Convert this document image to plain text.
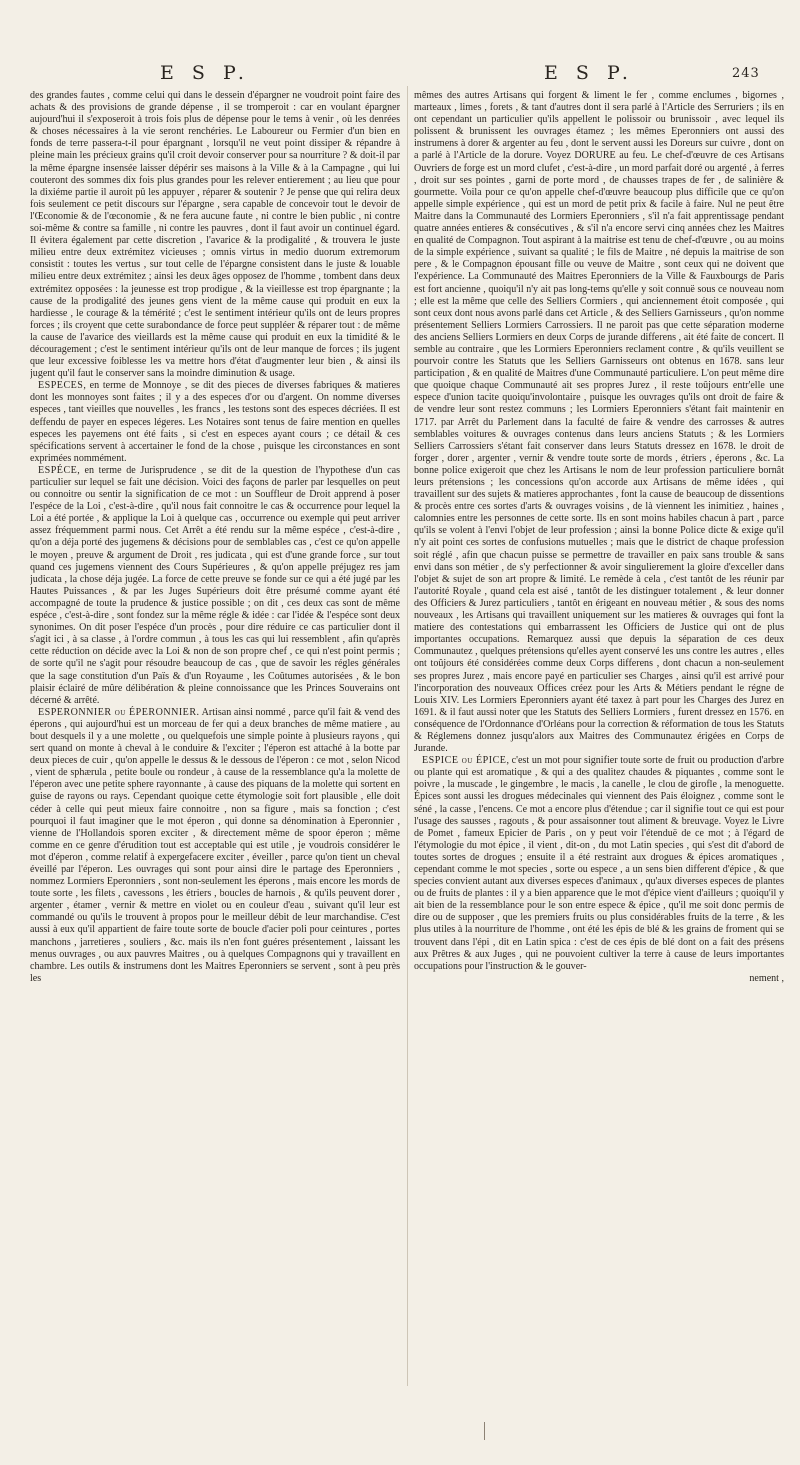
E S P.	E S P.	243

des grandes fautes , comme celui qui dans le dessein d'épargner ne voudroit point faire des achats & des provisions de grande dépense , il se tromperoit : car en voulant épargner aujourd'hui il s'exposeroit à trois fois plus de dépense pour le tems à venir , où les denrées & choses nécessaires à la vie seront renchéries. Le Laboureur ou Fermier d'un bien en fonds de terre passera-t-il pour épargnant , lorsqu'il ne veut point dissiper & répandre à pleine main les précieux grains qu'il croit devoir conserver pour sa nourriture ? & doit-il par la même épargne insensée laisser dépérir ses maisons à la Ville & à la Campagne , qui lui couteront des sommes dix fois plus grandes pour les relever entierement ; au lieu que pour la dixiéme partie il auroit pû les appuyer , réparer & soutenir ? Je pense que qui relira deux fois seulement ce petit discours sur l'épargne , sera capable de concevoir tout le devoir de l'Œconomie & de l'œconomie , & ne fera aucune faute , ni contre le bien public , ni contre soi-même & contre sa famille , ni contre les pauvres , dont il faut avoir un continuel égard. Il évitera également par cette discretion , l'avarice & la prodigalité , & trouvera le juste milieu entre deux extrémitez vicieuses ; omnis virtus in medio duorum extremorum consistit : toutes les vertus , sur tout celle de l'épargne consistent dans le juste & louable milieu entre deux extrémitez ; ainsi les deux âges opposez de l'homme , tombent dans deux extrémitez opposées : la jeunesse est trop prodigue , & la vieillesse est trop épargnante ; la cause de la prodigalité des jeunes gens vient de la même cause qui produit en eux la hardiesse , le courage & la témérité ; c'est le sentiment intérieur qu'ils ont de leurs propres forces ; ils croyent que cette surabondance de force peut suppléer & réparer tout : de même la cause de l'avarice des vieillards est la même cause qui produit en eux la timidité & le découragement ; c'est le sentiment intérieur qu'ils ont de leur manque de forces ; ils jugent que leur excessive foiblesse les va mettre hors d'état d'augmenter leur bien , & ainsi ils jugent qu'il faut le conserver sans la moindre diminution & usage.

ESPECES, en terme de Monnoye , se dit des pieces de diverses fabriques & matieres dont les monnoyes sont faites ; il y a des especes d'or ou d'argent. On nomme diverses especes , tant vieilles que nouvelles , les francs , les testons sont des especes décriées. Il est deffendu de payer en especes légeres. Les Notaires sont tenus de faire mention en quelles especes les payemens ont été faits , si c'est en especes ayant cours ; ce détail & ces spécifications servent à accertainer le fond de la chose , puisque les circonstances en sont exprimées nommément.

ESPÉCE, en terme de Jurisprudence , se dit de la question de l'hypothese d'un cas particulier sur lequel se fait une décision. Voici des façons de parler par lesquelles on peut ou connoitre ou sentir la signification de ce mot : un Souffleur de Droit apprend à poser l'espéce de la Loi , c'est-à-dire , qu'il nous fait connoitre le cas & occurrence pour lequel la Loi a été portée , & applique la Loi à quelque cas , occurrence ou exemple qui peut arriver assez fréquemment parmi nous. Cet Arrêt a été rendu sur la même espéce , c'est-à-dire , qu'on a déja porté des jugemens & décisions pour de semblables cas , c'est ce qu'on appelle le moyen , preuve & argument de Droit , res judicata , qui est d'une grande force , sur tout quand ces jugemens viennent des Cours Supérieures , & qu'on appelle préjugez res jam judicata , la chose déja jugée. La force de cette preuve se fonde sur ce qui a été jugé par les Hautes Puissances , & par les Juges Supérieurs doit être présumé comme ayant été accompagné de toute la prudence & justice possible ; on dit , ces deux cas sont de même espéce , c'est-à-dire , sont fondez sur la même régle & idée : car l'idée & l'espéce sont deux synonimes. On dit poser l'espéce d'un procès , pour dire réduire ce cas particulier dont il s'agit ici , à sa classe , à l'ordre commun , à tous les cas qui lui ressemblent , afin qu'après cette réduction on décide avec la Loi & non de son propre chef , ce qui n'est point permis ; de sorte qu'il ne s'agit pour résoudre beaucoup de cas , que de savoir les régles générales que la sage constitution d'un Païs & d'un Royaume , les Coûtumes autorisées , & le bon plaisir éclairé de mûre délibération & pleine connoissance que les Princes Souverains ont décerné & arrêté.

ESPERONNIER ou ÉPERONNIER. Artisan ainsi nommé , parce qu'il fait & vend des éperons , qui aujourd'hui est un morceau de fer qui a deux branches de même matiere , au bout desquels il y a une molette , ou quelquefois une simple pointe à plusieurs rayons , qui sert quand on monte à cheval à le conduire & l'exciter ; l'éperon est attaché à la botte par deux pieces de cuir , qu'on appelle le dessus & le dessous de l'éperon : ce mot , selon Nicod , vient de sphærula , petite boule ou rondeur , à cause de la ressemblance qu'a la molette de l'éperon avec une petite sphere rayonnante , à cause des piquans de la molette qui sortent en guise de rayons ou rays. Cependant quoique cette étymologie soit fort plausible , elle doit céder à celle qui peut mieux faire connoitre , non sa figure , mais sa fonction ; c'est pourquoi il faut imaginer que le mot éperon , qui donne sa dénomination à Eperonnier , vienne de l'Hollandois sporen exciter , & directement même de spoor éperon ; même comme en ce genre d'érudition tout est acceptable qui est utile , je voudrois considérer le mot d'éperon , comme relatif à expergefacere exciter , éveiller , parce qu'on tient un cheval éveillé par l'éperon. Les ouvrages qui sont pour ainsi dire le partage des Eperonniers , nommez Lormiers Eperonniers , sont non-seulement les éperons , mais encore les mords de toute sorte , les filets , cavessons , les étriers , boucles de harnois , & qu'ils peuvent dorer , argenter , étamer , vernir & mettre en violet ou en couleur d'eau , suivant qu'il leur est commandé ou qu'ils le trouvent à propos pour le meilleur débit de leur marchandise. C'est aussi à eux qu'il appartient de faire toute sorte de boucle d'acier poli pour ceintures , portes manchons , jarretieres , souliers , &c. mais ils n'en font guéres présentement , laissant les menus ouvrages , ou aux pauvres Maitres , ou à quelques Compagnons qui y travaillent en chambre. Les outils & instrumens dont les Maitres Eperonniers se servent , sont à peu près les

mêmes des autres Artisans qui forgent & liment le fer , comme enclumes , bigornes , marteaux , limes , forets , & tant d'autres dont il sera parlé à l'Article des Serruriers ; ils en ont cependant un particulier qu'ils appellent le polissoir ou brunissoir , avec lequel ils polissent & brunissent les ouvrages étamez ; les mêmes Eperonniers ont aussi des instrumens à dorer & argenter au feu , dont le servent aussi les Doreurs sur cuivre , dont on a parlé à l'Article de la dorure. Voyez DORURE au feu. Le chef-d'œuvre de ces Artisans Ouvriers de forge est un mord clufet , c'est-à-dire , un mord parfait doré ou argenté , à ferres , droit sur ses pointes , garni de porte mord , de chausses trapes de fer , de salinière & gourmette. Voila pour ce qu'on appelle chef-d'œuvre beaucoup plus difficile que ce qu'on appelle simple expérience , qui est un mord de petit prix & facile à faire. Nul ne peut être Maitre dans la Communauté des Lormiers Eperonniers , s'il n'a fait apprentissage pendant quatre années entieres & consécutives , & s'il n'a encore servi cinq années chez les Maitres en qualité de Compagnon. Tout aspirant à la maitrise est tenu de chef-d'œuvre , ou au moins de la simple expérience , suivant sa qualité ; le fils de Maitre , né depuis la maitrise de son pere , & le Compagnon épousant fille ou veuve de Maitre , sont ceux qui ne doivent que l'expérience. La Communauté des Maitres Eperonniers de la Ville & Fauxbourgs de Paris est fort ancienne , quoiqu'il n'y ait pas long-tems qu'elle y soit connuë sous ce nouveau nom ; elle est la même que celle des Selliers Cormiers , qui anciennement étoit composée , qui sont ceux dont nous avons parlé dans cet Article , & des Selliers Garnisseurs , qu'on nomme présentement Selliers Lormiers Carrossiers. Il ne paroit pas que cette séparation moderne des anciens Selliers Lormiers en deux Corps de jurande differens , ait été faite de concert. Il semble au contraire , que les Lormiers Eperonniers reclament contre , & qu'ils veuillent se pourvoir contre les Statuts que les Selliers Garnisseurs ont obtenus en 1678. sans leur participation , & en qualité de Maitres d'une Communauté particuliere. L'on peut même dire que quoique chaque Communauté ait ses propres Jurez , il reste toûjours entr'elle une espece d'union tacite quoiqu'involontaire , puisque les ouvrages qu'ils ont droit de faire & de vendre leur sont restez communs ; les Lormiers Eperonniers s'étant fait maintenir en 1717. par Arrêt du Parlement dans la faculté de faire & vendre des carrosses & autres semblables voitures & ouvrages contenus dans leurs anciens Statuts ; & les Lormiers Selliers Carrossiers s'étant fait conserver dans leurs Statuts dressez en 1678. le droit de forger , dorer , argenter , vernir & vendre toute sorte de mords , étriers , éperons , &c. La bonne police exigeroit que chez les Artisans le nom de leur profession particuliere bornât leurs prétensions ; les concessions qu'on accorde aux Artisans de même idées , qui travaillent sur des sujets & matieres approchantes , font la cause de beaucoup de dissentions & procès entre ces sortes d'arts & ouvrages voisins , de là viennent les inimitiez , haines , calomnies entre les personnes de cette sorte. Ils en sont moins habiles chacun à part , parce qu'ils se volent à l'envi l'objet de leur profession ; ainsi la bonne Police dicte & exige qu'il n'y ait point ces sortes de confusions mutuelles ; mais que le district de chaque profession soit réglé , afin que chacun puisse se permettre de travailler en paix sans trouble & sans envi dans son métier , de s'y perfectionner & avoir singulierement la gloire d'exceller dans l'objet & sujet de son art propre & limité. Le remède à cela , c'est tantôt de les réunir par l'autorité Royale , quand cela est aisé , tantôt de les distinguer totalement , & leur donner des Officiers & Jurez particuliers , tantôt en érigeant en nouveau métier , & sous des noms nouveaux , les Artisans qui travaillent uniquement sur les matieres & ouvrages qui font la matiere des contestations qui embarrassent les Officiers de Justice qui ont de plus importantes occupations. Remarquez aussi que depuis la séparation de ces deux Communautez , quelques prétensions qu'elles ayent conservé les uns contre les autres , elles ont toûjours été considérées comme deux Corps differens , dont chacun a non-seulement ses propres Jurez , mais encore payé en particulier ses Charges , ainsi qu'il est arrivé pour l'incorporation des nouveaux Offices créez pour les Arts & Métiers pendant le régne de Louis XIV. Les Lormiers Eperonniers ayant été taxez à part pour les Charges des Jurez en 1691. & il faut aussi noter que les Statuts des Selliers Lormiers , furent dressez en 1576. en conséquence de l'Ordonnance d'Orléans pour la correction & réformation de tous les Statuts & Réglemens donnez jusqu'alors aux Maitres des Communautez érigées en Corps de Jurande.

ESPICE ou ÉPICE, c'est un mot pour signifier toute sorte de fruit ou production d'arbre ou plante qui est aromatique , & qui a des qualitez chaudes & piquantes , comme sont le poivre , la muscade , le gingembre , le macis , la canelle , le clou de girofle , la menoguette. Épices sont aussi les drogues médecinales qui viennent des Pais éloignez , comme sont le séné , la casse , l'encens. Ce mot a encore plus d'étendue ; car il signifie tout ce qui est pour l'usage des sausses , ragouts , & pour assaisonner tout aliment & breuvage. Voyez le Livre de Pomet , fameux Epicier de Paris , on y peut voir l'étenduë de ce mot ; à l'égard de l'étymologie du mot épice , il vient , dit-on , du mot Latin species , qui s'est dit d'abord de toutes sortes de drogues ; ensuite il a été restraint aux drogues & épices aromatiques , cependant comme le mot species , sorte ou espece , a un sens bien different d'épice , & que species convient autant aux diverses especes d'animaux , qu'aux diverses especes de plantes ou de fruits de plantes : il y a bien apparence que le mot d'épice vient d'ailleurs ; quoiqu'il y ait bien de la ressemblance pour le son entre espece & épice , qu'il me soit donc permis de dire ou de supposer , que les premiers fruits ou plus considérables fruits de la terre , & les plus utiles à la nourriture de l'homme , ont été les épis de blé & les grains de froment qui se trouvent dans l'épi , dit en Latin spica : c'est de ces épis de blé dont on a fait des présens aux Prêtres & aux Juges , qui ne pouvoient cultiver la terre à cause de leurs importantes occupations pour l'instruction & le gouver-

nement ,
